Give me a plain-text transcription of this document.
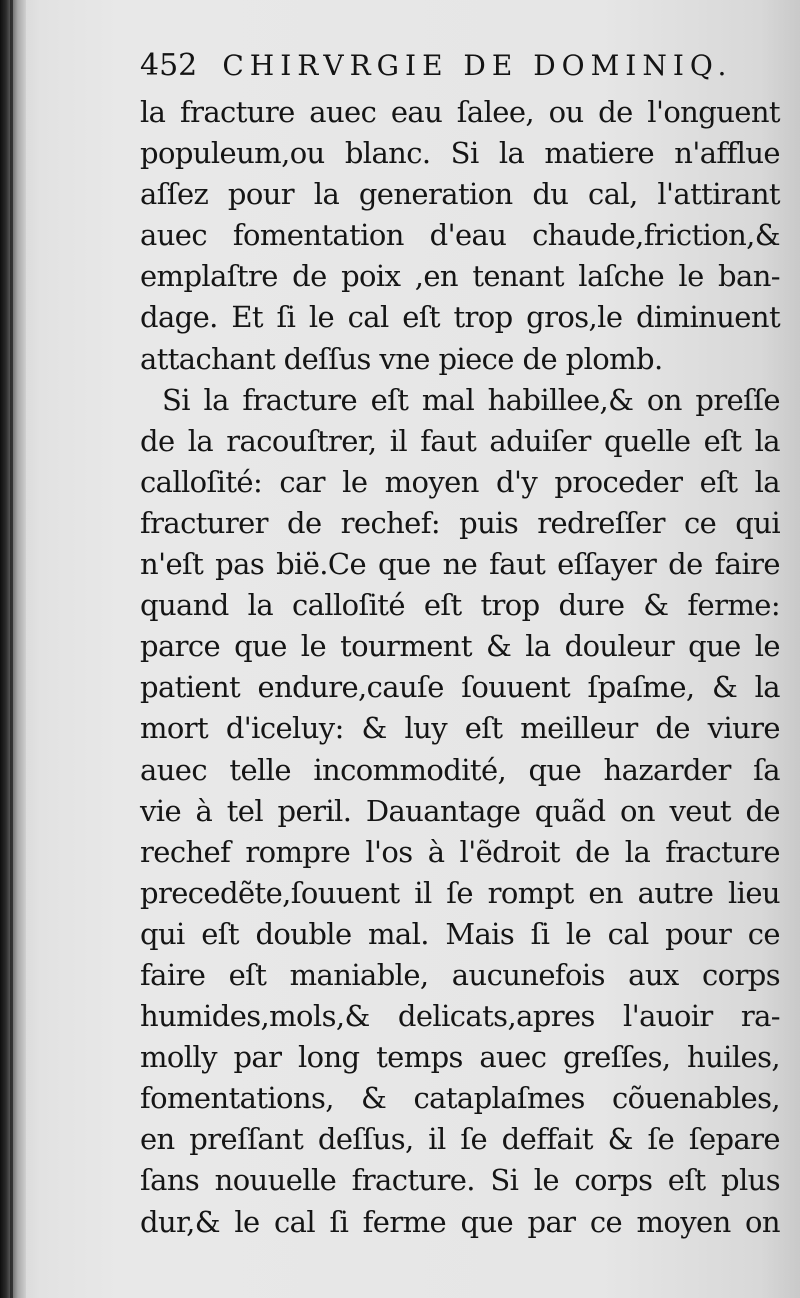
452 CHIRVRGIE DE DOMINIQ.
la fracture auec eau ſalee, ou de l'onguent
populeum,ou blanc. Si la matiere n'afflue
aſſez pour la generation du cal, l'attirant
auec fomentation d'eau chaude,friction,&
emplaſtre de poix ,en tenant laſche le ban-
dage. Et ſi le cal eſt trop gros,le diminuent
attachant deſſus vne piece de plomb.
Si la fracture eſt mal habillee,& on preſſe
de la racouſtrer, il faut aduiſer quelle eſt la
calloſité: car le moyen d'y proceder eſt la
fracturer de rechef: puis redreſſer ce qui
n'eſt pas bië.Ce que ne faut eſſayer de faire
quand la calloſité eſt trop dure & ferme:
parce que le tourment & la douleur que le
patient endure,cauſe ſouuent ſpaſme, & la
mort d'iceluy: & luy eſt meilleur de viure
auec telle incommodité, que hazarder ſa
vie à tel peril. Dauantage quãd on veut de
rechef rompre l'os à l'ẽdroit de la fracture
precedẽte,ſouuent il ſe rompt en autre lieu
qui eſt double mal. Mais ſi le cal pour ce
faire eſt maniable, aucunefois aux corps
humides,mols,& delicats,apres l'auoir ra-
molly par long temps auec greſſes, huiles,
fomentations, & cataplaſmes cõuenables,
en preſſant deſſus, il ſe deffait & ſe ſepare
ſans nouuelle fracture. Si le corps eſt plus
dur,& le cal ſi ferme que par ce moyen on
